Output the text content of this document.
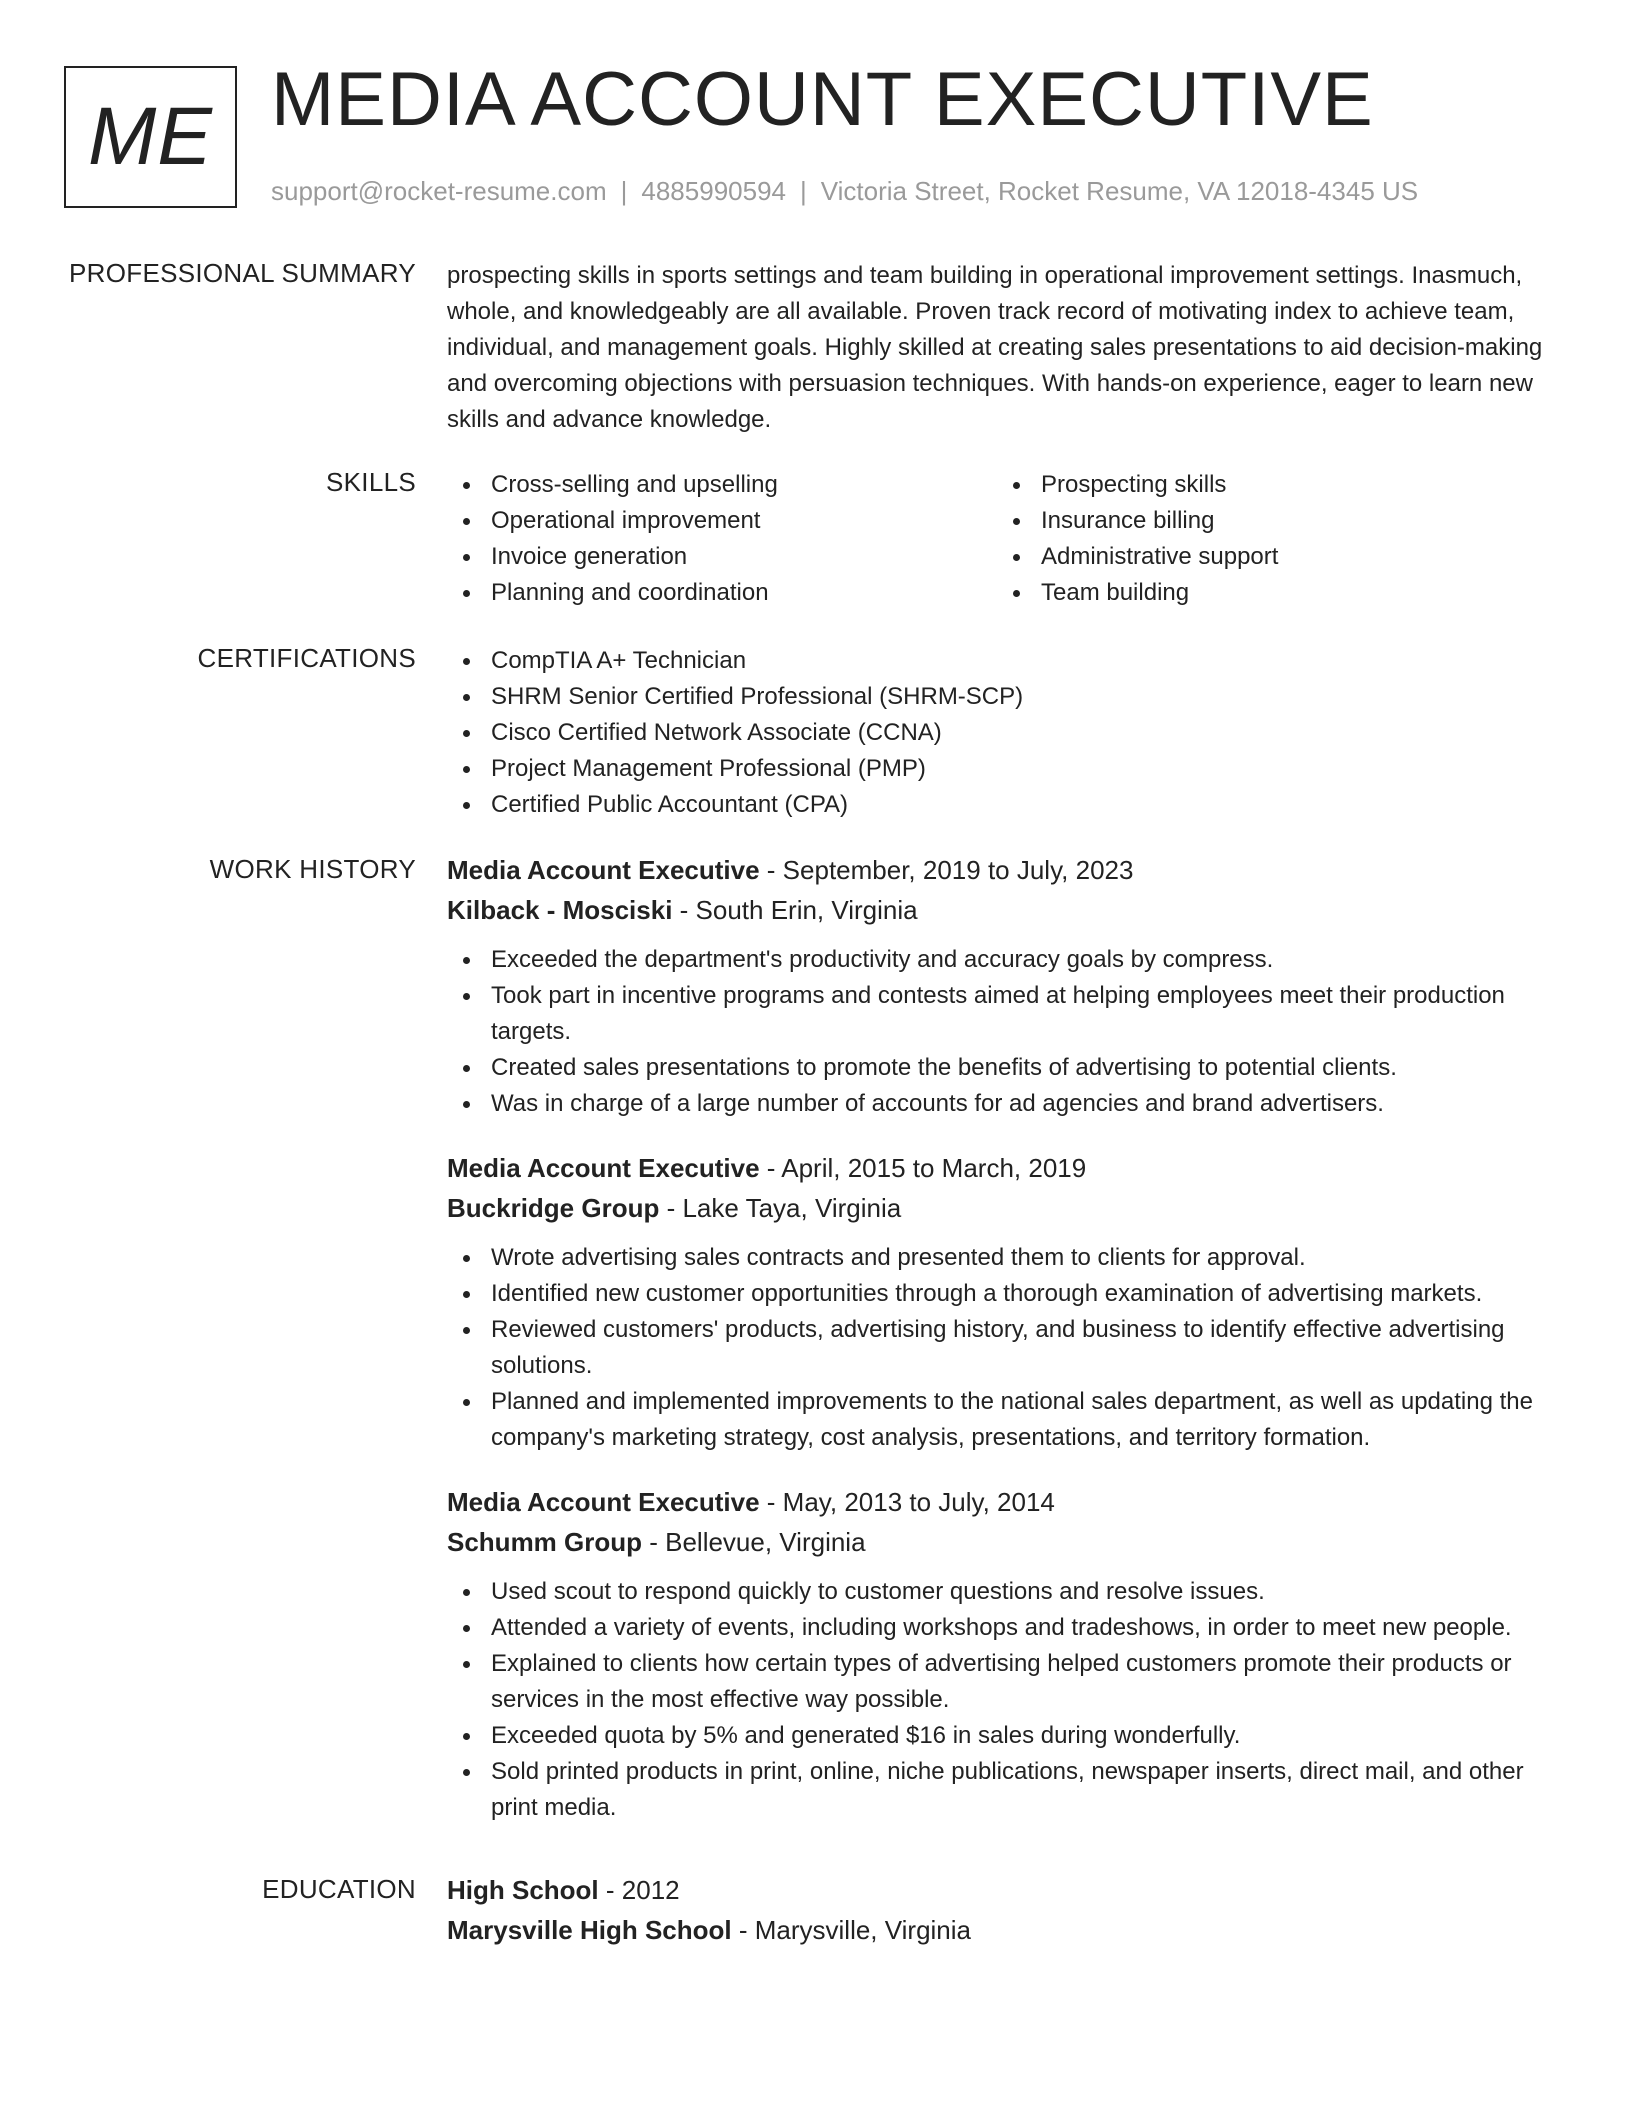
ME MEDIA ACCOUNT EXECUTIVE
support@rocket-resume.com | 4885990594 | Victoria Street, Rocket Resume, VA 12018-4345 US
PROFESSIONAL SUMMARY prospecting skills in sports settings and team building in operational improvement settings. Inasmuch, whole, and knowledgeably are all available. Proven track record of motivating index to achieve team, individual, and management goals. Highly skilled at creating sales presentations to aid decision-making and overcoming objections with persuasion techniques. With hands-on experience, eager to learn new skills and advance knowledge.

SKILLS	Cross-selling and upselling
Operational improvement
Invoice generation
Planning and coordination
Prospecting skills
Insurance billing
Administrative support
Team building
CERTIFICATIONS	CompTIA A+ Technician
SHRM Senior Certified Professional (SHRM-SCP)
Cisco Certified Network Associate (CCNA)
Project Management Professional (PMP)
Certified Public Accountant (CPA)
WORK HISTORY Media Account Executive - September, 2019 to July, 2023
Kilback - Mosciski - South Erin, Virginia
Exceeded the department's productivity and accuracy goals by compress.
Took part in incentive programs and contests aimed at helping employees meet their production targets.
Created sales presentations to promote the benefits of advertising to potential clients.
Was in charge of a large number of accounts for ad agencies and brand advertisers.
Media Account Executive - April, 2015 to March, 2019
Buckridge Group - Lake Taya, Virginia
Wrote advertising sales contracts and presented them to clients for approval.
Identified new customer opportunities through a thorough examination of advertising markets.
Reviewed customers' products, advertising history, and business to identify effective advertising solutions.
Planned and implemented improvements to the national sales department, as well as updating the company's marketing strategy, cost analysis, presentations, and territory formation.
Media Account Executive - May, 2013 to July, 2014
Schumm Group - Bellevue, Virginia
Used scout to respond quickly to customer questions and resolve issues.
Attended a variety of events, including workshops and tradeshows, in order to meet new people.
Explained to clients how certain types of advertising helped customers promote their products or services in the most effective way possible.
Exceeded quota by 5% and generated $16 in sales during wonderfully.
Sold printed products in print, online, niche publications, newspaper inserts, direct mail, and other print media.
EDUCATION High School - 2012
Marysville High School - Marysville, Virginia
